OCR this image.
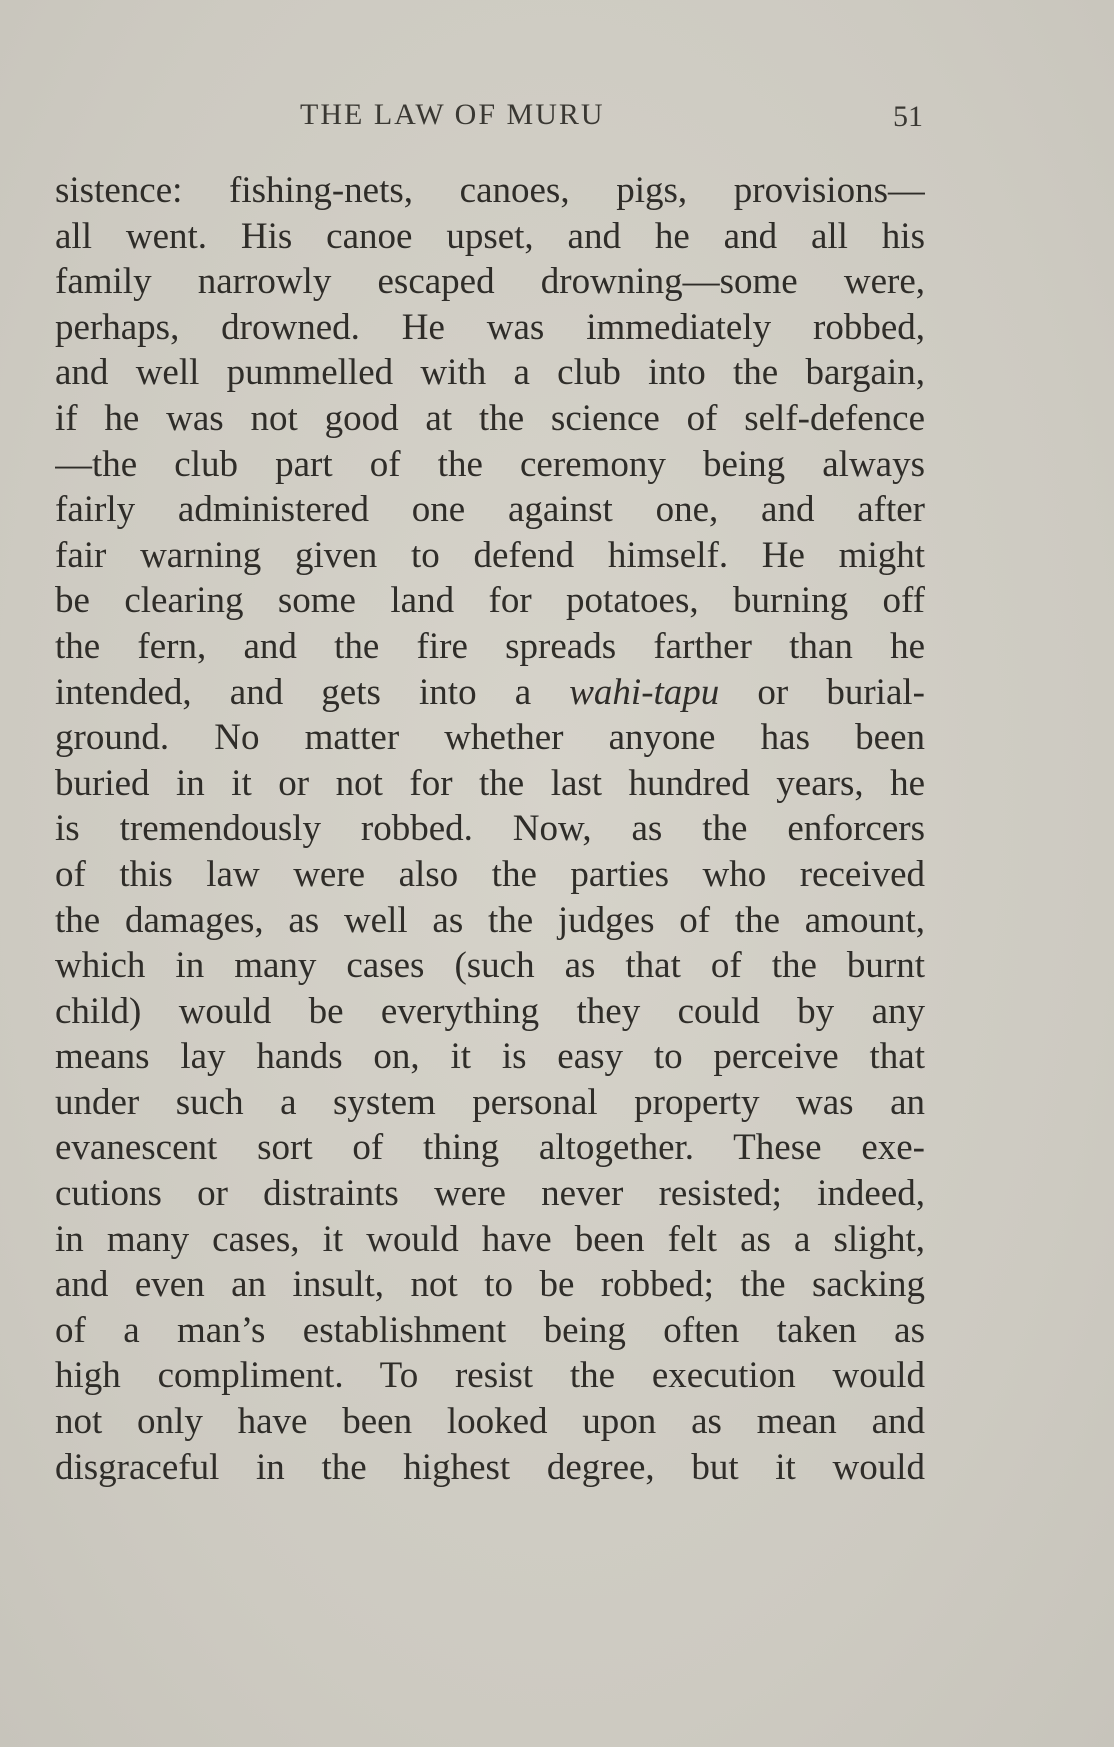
THE LAW OF MURU	51
sistence: fishing-nets, canoes, pigs, provisions—
all went. His canoe upset, and he and all his
family narrowly escaped drowning—some were,
perhaps, drowned. He was immediately robbed,
and well pummelled with a club into the bargain,
if he was not good at the science of self-defence
—the club part of the ceremony being always
fairly administered one against one, and after
fair warning given to defend himself. He might
be clearing some land for potatoes, burning off
the fern, and the fire spreads farther than he
intended, and gets into a wahi-tapu or burial-
ground. No matter whether anyone has been
buried in it or not for the last hundred years, he
is tremendously robbed. Now, as the enforcers
of this law were also the parties who received
the damages, as well as the judges of the amount,
which in many cases (such as that of the burnt
child) would be everything they could by any
means lay hands on, it is easy to perceive that
under such a system personal property was an
evanescent sort of thing altogether. These exe-
cutions or distraints were never resisted; indeed,
in many cases, it would have been felt as a slight,
and even an insult, not to be robbed; the sacking
of a man’s establishment being often taken as
high compliment. To resist the execution would
not only have been looked upon as mean and
disgraceful in the highest degree, but it would
